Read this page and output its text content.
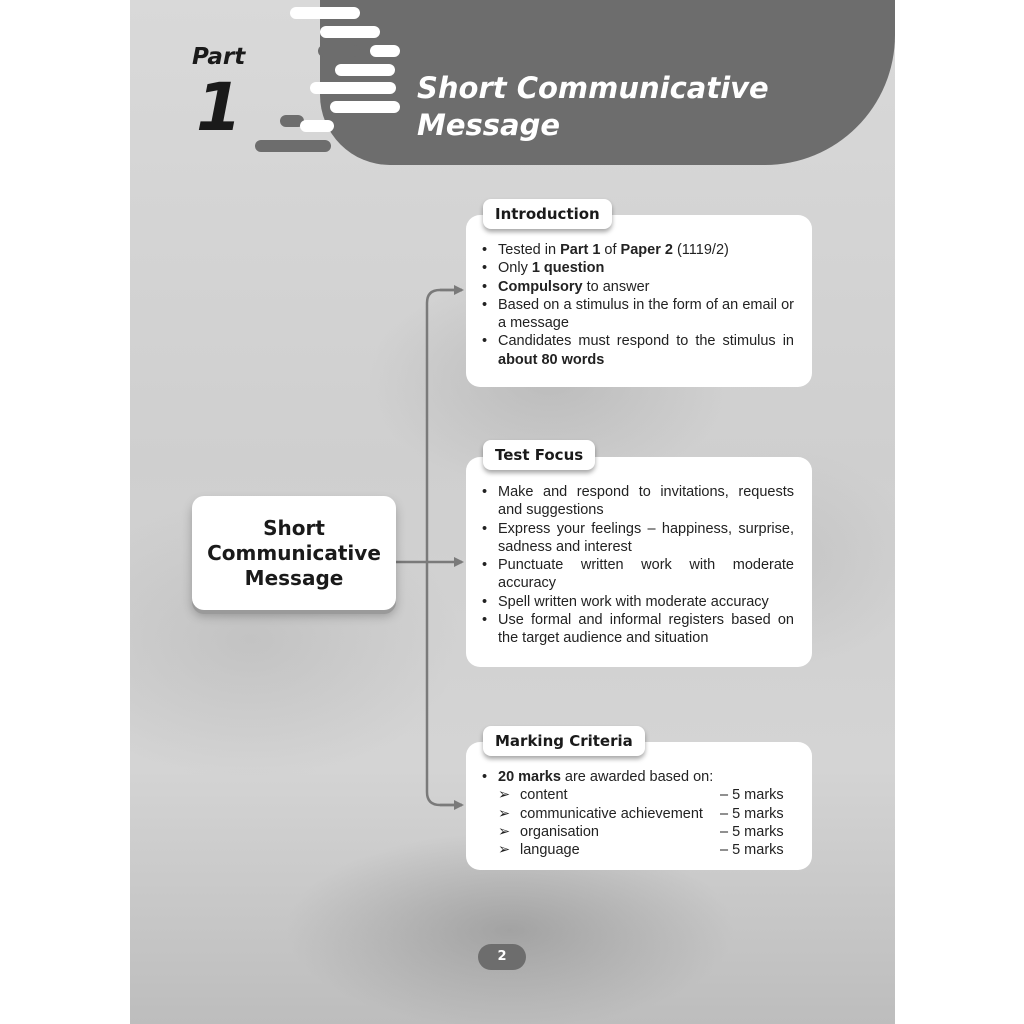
Part
1	Short Communicative
Message
Short
Communicative
Message
• Tested in Part 1 of Paper 2 (1119/2)
• Only 1 question
• Compulsory to answer
• Based on a stimulus in the form of an email or a message
• Candidates must respond to the stimulus in about 80 words
Introduction
• Make and respond to invitations, requests and suggestions
• Express your feelings – happiness, surprise, sadness and interest
• Punctuate written work with moderate accuracy
• Spell written work with moderate accuracy
• Use formal and informal registers based on the target audience and situation
Test Focus
• 20 marks are awarded based on:
➢ content	– 5 marks
➢ communicative achievement	– 5 marks
➢ organisation	– 5 marks
➢ language	– 5 marks
Marking Criteria
2
